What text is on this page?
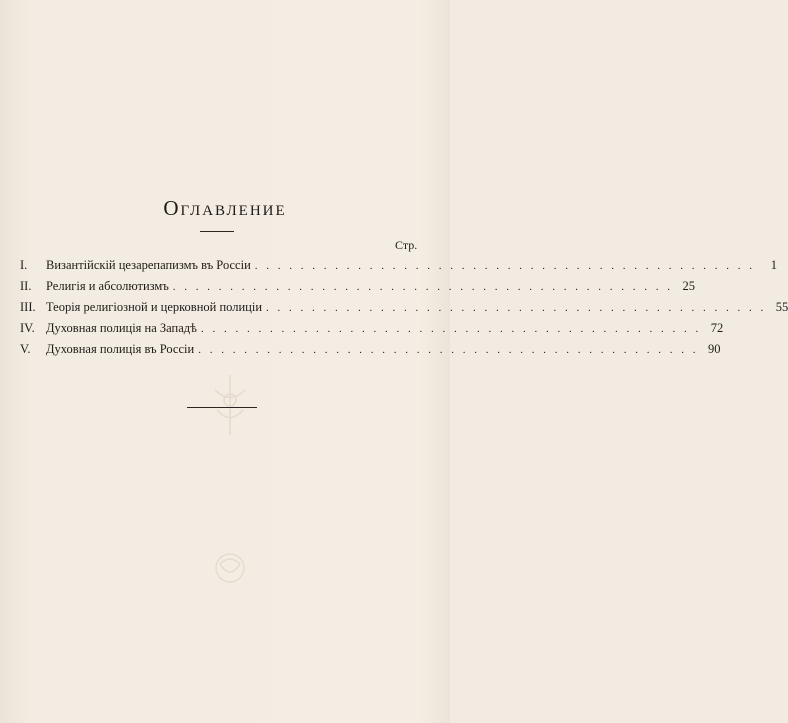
Оглавление
Стр.
I.	Византійскій цезарепапизмъ въ Россіи . . . . . . . . . . . . . . . . . . . . . . . . . . . . . . . . . . . . . . . . . . . .	1
II.	Религія и абсолютизмъ . . . . . . . . . . . . . . . . . . . . . . . . . . . . . . . . . . . . . . . . . . . . 25
III. Теорія религіозной и церковной полиціи . . . . . . . . . . . . . . . . . . . . . . . . . . . . . . . . . . . . . . . . . . . . 55
IV. Духовная полиція на Западѣ . . . . . . . . . . . . . . . . . . . . . . . . . . . . . . . . . . . . . . . . . . . . 72
V.	Духовная полиція въ Россіи . . . . . . . . . . . . . . . . . . . . . . . . . . . . . . . . . . . . . . . . . . . . 90
